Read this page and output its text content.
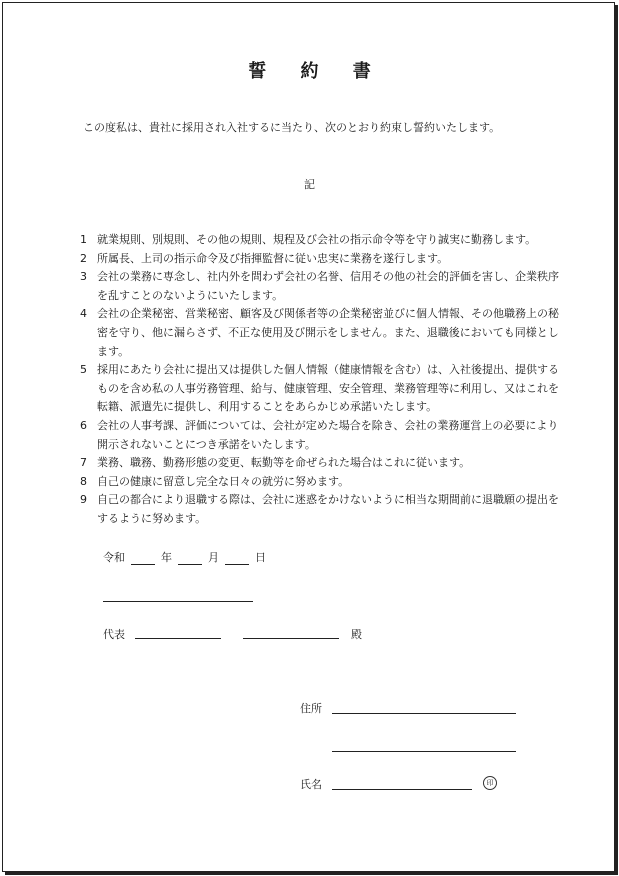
誓 約 書
この度私は、貴社に採用され入社するに当たり、次のとおり約束し誓約いたします。
記
1 就業規則、別規則、その他の規則、規程及び会社の指示命令等を守り誠実に勤務します。
2 所属長、上司の指示命令及び指揮監督に従い忠実に業務を遂行します。
3 会社の業務に専念し、社内外を問わず会社の名誉、信用その他の社会的評価を害し、企業秩序を乱すことのないようにいたします。
4 会社の企業秘密、営業秘密、顧客及び関係者等の企業秘密並びに個人情報、その他職務上の秘密を守り、他に漏らさず、不正な使用及び開示をしません。また、退職後においても同様とします。
5 採用にあたり会社に提出又は提供した個人情報（健康情報を含む）は、入社後提出、提供するものを含め私の人事労務管理、給与、健康管理、安全管理、業務管理等に利用し、又はこれを転籍、派遣先に提供し、利用することをあらかじめ承諾いたします。
6 会社の人事考課、評価については、会社が定めた場合を除き、会社の業務運営上の必要により開示されないことにつき承諾をいたします。
7 業務、職務、勤務形態の変更、転勤等を命ぜられた場合はこれに従います。
8 自己の健康に留意し完全な日々の就労に努めます。
9 自己の都合により退職する際は、会社に迷惑をかけないように相当な期間前に退職願の提出をするように努めます。
令和	年	月	日
代表	殿
住所
氏名	印
